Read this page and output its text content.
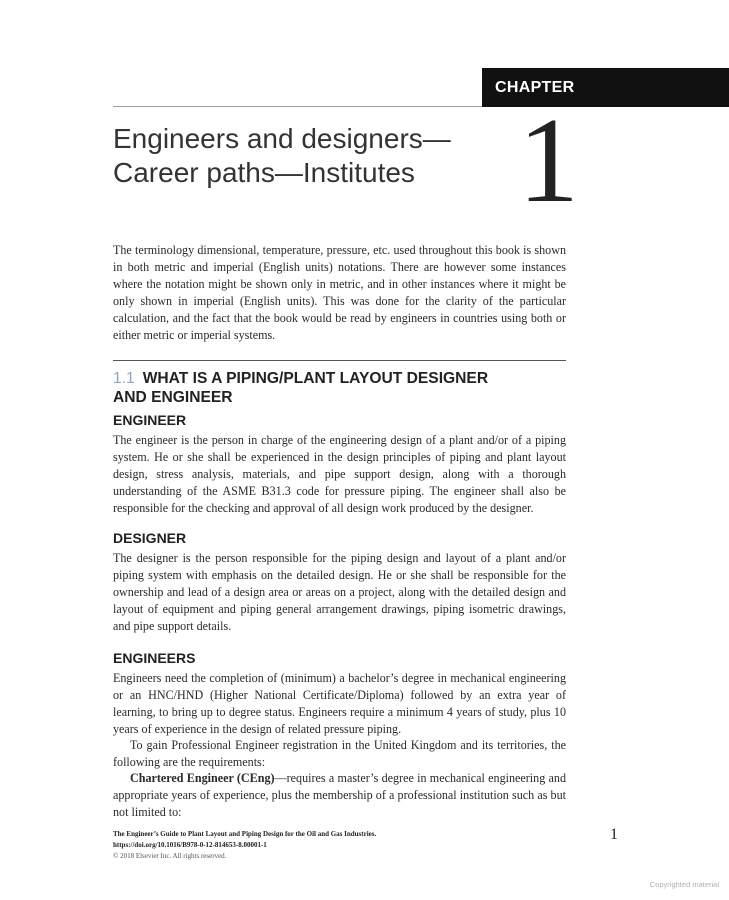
CHAPTER
Engineers and designers—
Career paths—Institutes 1

The terminology dimensional, temperature, pressure, etc. used throughout this book is shown in both metric and imperial (English units) notations. There are however some instances where the notation might be shown only in metric, and in other instances where it might be only shown in imperial (English units). This was done for the clarity of the particular calculation, and the fact that the book would be read by engineers in countries using both or either metric or imperial systems.

1.1 WHAT IS A PIPING/PLANT LAYOUT DESIGNER
AND ENGINEER
ENGINEER

The engineer is the person in charge of the engineering design of a plant and/or of a piping system. He or she shall be experienced in the design principles of piping and plant layout design, stress analysis, materials, and pipe support design, along with a thorough understanding of the ASME B31.3 code for pressure piping. The engineer shall also be responsible for the checking and approval of all design work produced by the designer.

DESIGNER

The designer is the person responsible for the piping design and layout of a plant and/or piping system with emphasis on the detailed design. He or she shall be responsible for the ownership and lead of a design area or areas on a project, along with the detailed design and layout of equipment and piping general arrangement drawings, piping isometric drawings, and pipe support details.

ENGINEERS

Engineers need the completion of (minimum) a bachelor’s degree in mechanical engineering or an HNC/HND (Higher National Certificate/Diploma) followed by an extra year of learning, to bring up to degree status. Engineers require a minimum 4 years of study, plus 10 years of experience in the design of related pressure piping.

To gain Professional Engineer registration in the United Kingdom and its territories, the following are the requirements:

Chartered Engineer (CEng)—requires a master’s degree in mechanical engineering and appropriate years of experience, plus the membership of a professional institution such as but not limited to:

The Engineer’s Guide to Plant Layout and Piping Design for the Oil and Gas Industries.
https://doi.org/10.1016/B978-0-12-814653-8.00001-1
© 2018 Elsevier Inc. All rights reserved.
1
Copyrighted material
